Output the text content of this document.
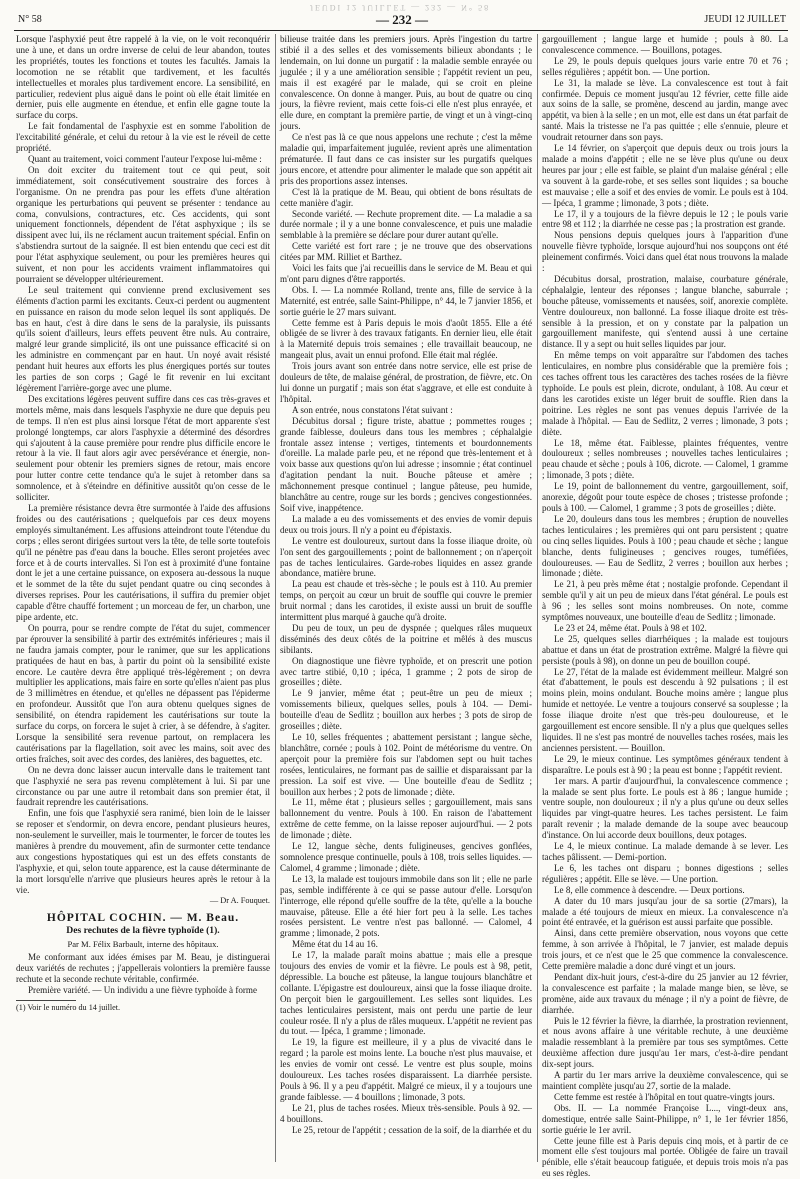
JEUDI 12 JUILLET — 232 — N° 58
N° 58	— 232 —	JEUDI 12 JUILLET

Lorsque l'asphyxié peut être rappelé à la vie, on le voit reconquérir une à une, et dans un ordre inverse de celui de leur abandon, toutes les propriétés, toutes les fonctions et toutes les facultés. Jamais la locomotion ne se rétablit que tardivement, et les facultés intellectuelles et morales plus tardivement encore. La sensibilité, en particulier, redevient plus aiguë dans le point où elle était limitée en dernier, puis elle augmente en étendue, et enfin elle gagne toute la surface du corps.

Le fait fondamental de l'asphyxie est en somme l'abolition de l'excitabilité générale, et celui du retour à la vie est le réveil de cette propriété.

Quant au traitement, voici comment l'auteur l'expose lui-même :

On doit exciter du traitement tout ce qui peut, soit immédiatement, soit consécutivement soustraire des forces à l'organisme. On ne prendra pas pour les effets d'une altération organique les perturbations qui peuvent se présenter : tendance au coma, convulsions, contractures, etc. Ces accidents, qui sont uniquement fonctionnels, dépendent de l'état asphyxique ; ils se dissipent avec lui, ils ne réclament aucun traitement spécial. Enfin on s'abstiendra surtout de la saignée. Il est bien entendu que ceci est dit pour l'état asphyxique seulement, ou pour les premières heures qui suivent, et non pour les accidents vraiment inflammatoires qui pourraient se développer ultérieurement.

Le seul traitement qui convienne prend exclusivement ses éléments d'action parmi les excitants. Ceux-ci perdent ou augmentent en puissance en raison du mode selon lequel ils sont appliqués. De bas en haut, c'est à dire dans le sens de la paralysie, ils puissants qu'ils soient d'ailleurs, leurs effets peuvent être nuls. Au contraire, malgré leur grande simplicité, ils ont une puissance efficacité si on les administre en commençant par en haut. Un noyé avait résisté pendant huit heures aux efforts les plus énergiques portés sur toutes les parties de son corps ; Gagé le fit revenir en lui excitant légèrement l'arrière-gorge avec une plume.

Des excitations légères peuvent suffire dans ces cas très-graves et mortels même, mais dans lesquels l'asphyxie ne dure que depuis peu de temps. Il n'en est plus ainsi lorsque l'état de mort apparente s'est prolongé longtemps, car alors l'asphyxie a déterminé des désordres qui s'ajoutent à la cause première pour rendre plus difficile encore le retour à la vie. Il faut alors agir avec persévérance et énergie, non-seulement pour obtenir les premiers signes de retour, mais encore pour lutter contre cette tendance qu'a le sujet à retomber dans sa somnolence, et à s'éteindre en définitive aussitôt qu'on cesse de le solliciter.

La première résistance devra être surmontée à l'aide des affusions froides ou des cautérisations ; quelquefois par ces deux moyens employés simultanément. Les affusions atteindront toute l'étendue du corps ; elles seront dirigées surtout vers la tête, de telle sorte toutefois qu'il ne pénètre pas d'eau dans la bouche. Elles seront projetées avec force et à de courts intervalles. Si l'on est à proximité d'une fontaine dont le jet a une certaine puissance, on exposera au-dessous la nuque et le sommet de la tête du sujet pendant quatre ou cinq secondes à diverses reprises. Pour les cautérisations, il suffira du premier objet capable d'être chauffé fortement ; un morceau de fer, un charbon, une pipe ardente, etc.

On pourra, pour se rendre compte de l'état du sujet, commencer par éprouver la sensibilité à partir des extrémités inférieures ; mais il ne faudra jamais compter, pour le ranimer, que sur les applications pratiquées de haut en bas, à partir du point où la sensibilité existe encore. Le cautère devra être appliqué très-légèrement ; on devra multiplier les applications, mais faire en sorte qu'elles n'aient pas plus de 3 millimètres en étendue, et qu'elles ne dépassent pas l'épiderme en profondeur. Aussitôt que l'on aura obtenu quelques signes de sensibilité, on étendra rapidement les cautérisations sur toute la surface du corps, on forcera le sujet à crier, à se défendre, à s'agiter. Lorsque la sensibilité sera revenue partout, on remplacera les cautérisations par la flagellation, soit avec les mains, soit avec des orties fraîches, soit avec des cordes, des lanières, des baguettes, etc.

On ne devra donc laisser aucun intervalle dans le traitement tant que l'asphyxié ne sera pas revenu complètement à lui. Si par une circonstance ou par une autre il retombait dans son premier état, il faudrait reprendre les cautérisations.

Enfin, une fois que l'asphyxié sera ranimé, bien loin de le laisser se reposer et s'endormir, on devra encore, pendant plusieurs heures, non-seulement le surveiller, mais le tourmenter, le forcer de toutes les manières à prendre du mouvement, afin de surmonter cette tendance aux congestions hypostatiques qui est un des effets constants de l'asphyxie, et qui, selon toute apparence, est la cause déterminante de la mort lorsqu'elle n'arrive que plusieurs heures après le retour à la vie.

— Dr A. Fouquet.
HÔPITAL COCHIN. — M. Beau.
Des rechutes de la fièvre typhoïde (1).
Par M. Félix Barbault, interne des hôpitaux.

Me conformant aux idées émises par M. Beau, je distinguerai deux variétés de rechutes ; j'appellerais volontiers la première fausse rechute et la seconde rechute véritable, confirmée.

Première variété. — Un individu a une fièvre typhoïde à forme

(1) Voir le numéro du 14 juillet.

bilieuse traitée dans les premiers jours. Après l'ingestion du tartre stibié il a des selles et des vomissements bilieux abondants ; le lendemain, on lui donne un purgatif : la maladie semble enrayée ou jugulée ; il y a une amélioration sensible ; l'appétit revient un peu, mais il est exagéré par le malade, qui se croit en pleine convalescence. On donne à manger. Puis, au bout de quatre ou cinq jours, la fièvre revient, mais cette fois-ci elle n'est plus enrayée, et elle dure, en comptant la première partie, de vingt et un à vingt-cinq jours.

Ce n'est pas là ce que nous appelons une rechute ; c'est la même maladie qui, imparfaitement jugulée, revient après une alimentation prématurée. Il faut dans ce cas insister sur les purgatifs quelques jours encore, et attendre pour alimenter le malade que son appétit ait pris des proportions assez intenses.

C'est là la pratique de M. Beau, qui obtient de bons résultats de cette manière d'agir.

Seconde variété. — Rechute proprement dite. — La maladie a sa durée normale ; il y a une bonne convalescence, et puis une maladie semblable à la première se déclare pour durer autant qu'elle.

Cette variété est fort rare ; je ne trouve que des observations citées par MM. Rilliet et Barthez.

Voici les faits que j'ai recueillis dans le service de M. Beau et qui m'ont paru dignes d'être rapportés.

Obs. I. — La nommée Rolland, trente ans, fille de service à la Maternité, est entrée, salle Saint-Philippe, n° 44, le 7 janvier 1856, et sortie guérie le 27 mars suivant.

Cette femme est à Paris depuis le mois d'août 1855. Elle a été obligée de se livrer à des travaux fatigants. En dernier lieu, elle était à la Maternité depuis trois semaines ; elle travaillait beaucoup, ne mangeait plus, avait un ennui profond. Elle était mal réglée.

Trois jours avant son entrée dans notre service, elle est prise de douleurs de tête, de malaise général, de prostration, de fièvre, etc. On lui donne un purgatif ; mais son état s'aggrave, et elle est conduite à l'hôpital.

A son entrée, nous constatons l'état suivant :

Décubitus dorsal ; figure triste, abattue ; pommettes rouges ; grande faiblesse, douleurs dans tous les membres ; céphalalgie frontale assez intense ; vertiges, tintements et bourdonnements d'oreille. La malade parle peu, et ne répond que très-lentement et à voix basse aux questions qu'on lui adresse ; insomnie ; état continuel d'agitation pendant la nuit. Bouche pâteuse et amère ; mâchonnement presque continuel ; langue pâteuse, peu humide, blanchâtre au centre, rouge sur les bords ; gencives congestionnées. Soif vive, inappétence.

La malade a eu des vomissements et des envies de vomir depuis deux ou trois jours. Il n'y a point eu d'épistaxis.

Le ventre est douloureux, surtout dans la fosse iliaque droite, où l'on sent des gargouillements ; point de ballonnement ; on n'aperçoit pas de taches lenticulaires. Garde-robes liquides en assez grande abondance, matière brune.

La peau est chaude et très-sèche ; le pouls est à 110. Au premier temps, on perçoit au cœur un bruit de souffle qui couvre le premier bruit normal ; dans les carotides, il existe aussi un bruit de souffle intermittent plus marqué à gauche qu'à droite.

Du peu de toux, un peu de dyspnée ; quelques râles muqueux disséminés des deux côtés de la poitrine et mêlés à des muscus sibilants.

On diagnostique une fièvre typhoïde, et on prescrit une potion avec tartre stibié, 0,10 ; ipéca, 1 gramme ; 2 pots de sirop de groseilles ; diète.

Le 9 janvier, même état ; peut-être un peu de mieux ; vomissements bilieux, quelques selles, pouls à 104. — Demi-bouteille d'eau de Sedlitz ; bouillon aux herbes ; 3 pots de sirop de groseilles ; diète.

Le 10, selles fréquentes ; abattement persistant ; langue sèche, blanchâtre, cornée ; pouls à 102. Point de météorisme du ventre. On aperçoit pour la première fois sur l'abdomen sept ou huit taches rosées, lenticulaires, ne formant pas de saillie et disparaissant par la pression. La soif est vive. — Une bouteille d'eau de Sedlitz ; bouillon aux herbes ; 2 pots de limonade ; diète.

Le 11, même état ; plusieurs selles ; gargouillement, mais sans ballonnement du ventre. Pouls à 100. En raison de l'abattement extrême de cette femme, on la laisse reposer aujourd'hui. — 2 pots de limonade ; diète.

Le 12, langue sèche, dents fuligineuses, gencives gonflées, somnolence presque continuelle, pouls à 108, trois selles liquides. — Calomel, 4 gramme ; limonade ; diète.

Le 13, la malade est toujours immobile dans son lit ; elle ne parle pas, semble indifférente à ce qui se passe autour d'elle. Lorsqu'on l'interroge, elle répond qu'elle souffre de la tête, qu'elle a la bouche mauvaise, pâteuse. Elle a été hier fort peu à la selle. Les taches rosées persistent. Le ventre n'est pas ballonné. — Calomel, 4 gramme ; limonade, 2 pots.

Même état du 14 au 16.

Le 17, la malade paraît moins abattue ; mais elle a presque toujours des envies de vomir et la fièvre. Le pouls est à 98, petit, dépressible. La bouche est pâteuse, la langue toujours blanchâtre et collante. L'épigastre est douloureux, ainsi que la fosse iliaque droite. On perçoit bien le gargouillement. Les selles sont liquides. Les taches lenticulaires persistent, mais ont perdu une partie de leur couleur rosée. Il n'y a plus de râles muqueux. L'appétit ne revient pas du tout. — Ipéca, 1 gramme ; limonade.

Le 19, la figure est meilleure, il y a plus de vivacité dans le regard ; la parole est moins lente. La bouche n'est plus mauvaise, et les envies de vomir ont cessé. Le ventre est plus souple, moins douloureux. Les taches rosées disparaissent. La diarrhée persiste. Pouls à 96. Il y a peu d'appétit. Malgré ce mieux, il y a toujours une grande faiblesse. — 4 bouillons ; limonade, 3 pots.

Le 21, plus de taches rosées. Mieux très-sensible. Pouls à 92. — 4 bouillons.

Le 25, retour de l'appétit ; cessation de la soif, de la diarrhée et du

gargouillement ; langue large et humide ; pouls à 80. La convalescence commence. — Bouillons, potages.

Le 29, le pouls depuis quelques jours varie entre 70 et 76 ; selles régulières ; appétit bon. — Une portion.

Le 31, la malade se lève. La convalescence est tout à fait confirmée. Depuis ce moment jusqu'au 12 février, cette fille aide aux soins de la salle, se promène, descend au jardin, mange avec appétit, va bien à la selle ; en un mot, elle est dans un état parfait de santé. Mais la tristesse ne l'a pas quittée ; elle s'ennuie, pleure et voudrait retourner dans son pays.

Le 14 février, on s'aperçoit que depuis deux ou trois jours la malade a moins d'appétit ; elle ne se lève plus qu'une ou deux heures par jour ; elle est faible, se plaint d'un malaise général ; elle va souvent à la garde-robe, et ses selles sont liquides ; sa bouche est mauvaise ; elle a soif et des envies de vomir. Le pouls est à 104. — Ipéca, 1 gramme ; limonade, 3 pots ; diète.

Le 17, il y a toujours de la fièvre depuis le 12 ; le pouls varie entre 98 et 112 ; la diarrhée ne cesse pas ; la prostration est grande.

Nous pensions depuis quelques jours à l'apparition d'une nouvelle fièvre typhoïde, lorsque aujourd'hui nos soupçons ont été pleinement confirmés. Voici dans quel état nous trouvons la malade :

Décubitus dorsal, prostration, malaise, courbature générale, céphalalgie, lenteur des réponses ; langue blanche, saburrale ; bouche pâteuse, vomissements et nausées, soif, anorexie complète. Ventre douloureux, non ballonné. La fosse iliaque droite est très-sensible à la pression, et on y constate par la palpation un gargouillement manifeste, qui s'entend aussi à une certaine distance. Il y a sept ou huit selles liquides par jour.

En même temps on voit apparaître sur l'abdomen des taches lenticulaires, en nombre plus considérable que la première fois ; ces taches offrent tous les caractères des taches rosées de la fièvre typhoïde. Le pouls est plein, dicrote, ondulant, à 108. Au cœur et dans les carotides existe un léger bruit de souffle. Rien dans la poitrine. Les règles ne sont pas venues depuis l'arrivée de la malade à l'hôpital. — Eau de Sedlitz, 2 verres ; limonade, 3 pots ; diète.

Le 18, même état. Faiblesse, plaintes fréquentes, ventre douloureux ; selles nombreuses ; nouvelles taches lenticulaires ; peau chaude et sèche ; pouls à 106, dicrote. — Calomel, 1 gramme ; limonade, 3 pots ; diète.

Le 19, point de ballonnement du ventre, gargouillement, soif, anorexie, dégoût pour toute espèce de choses ; tristesse profonde ; pouls à 100. — Calomel, 1 gramme ; 3 pots de groseilles ; diète.

Le 20, douleurs dans tous les membres ; éruption de nouvelles taches lenticulaires ; les premières qui ont paru persistent ; quatre ou cinq selles liquides. Pouls à 100 ; peau chaude et sèche ; langue blanche, dents fuligineuses ; gencives rouges, tuméfiées, douloureuses. — Eau de Sedlitz, 2 verres ; bouillon aux herbes ; limonade ; diète.

Le 21, à peu près même état ; nostalgie profonde. Cependant il semble qu'il y ait un peu de mieux dans l'état général. Le pouls est à 96 ; les selles sont moins nombreuses. On note, comme symptômes nouveaux, une bouteille d'eau de Sedlitz ; limonade.

Le 23 et 24, même état. Pouls à 98 et 102.

Le 25, quelques selles diarrhéiques ; la malade est toujours abattue et dans un état de prostration extrême. Malgré la fièvre qui persiste (pouls à 98), on donne un peu de bouillon coupé.

Le 27, l'état de la malade est évidemment meilleur. Malgré son état d'abattement, le pouls est descendu à 92 pulsations ; il est moins plein, moins ondulant. Bouche moins amère ; langue plus humide et nettoyée. Le ventre a toujours conservé sa souplesse ; la fosse iliaque droite n'est que très-peu douloureuse, et le gargouillement est encore sensible. Il n'y a plus que quelques selles liquides. Il ne s'est pas montré de nouvelles taches rosées, mais les anciennes persistent. — Bouillon.

Le 29, le mieux continue. Les symptômes généraux tendent à disparaître. Le pouls est à 90 ; la peau est bonne ; l'appétit revient.

1er mars. A partir d'aujourd'hui, la convalescence commence ; la malade se sent plus forte. Le pouls est à 86 ; langue humide ; ventre souple, non douloureux ; il n'y a plus qu'une ou deux selles liquides par vingt-quatre heures. Les taches persistent. Le faim paraît revenir ; la malade demande de la soupe avec beaucoup d'instance. On lui accorde deux bouillons, deux potages.

Le 4, le mieux continue. La malade demande à se lever. Les taches pâlissent. — Demi-portion.

Le 6, les taches ont disparu ; bonnes digestions ; selles régulières ; appétit. Elle se lève. — Une portion.

Le 8, elle commence à descendre. — Deux portions.

A dater du 10 mars jusqu'au jour de sa sortie (27mars), la malade a été toujours de mieux en mieux. La convalescence n'a point été entravée, et la guérison est aussi parfaite que possible.

Ainsi, dans cette première observation, nous voyons que cette femme, à son arrivée à l'hôpital, le 7 janvier, est malade depuis trois jours, et ce n'est que le 25 que commence la convalescence. Cette première maladie a donc duré vingt et un jours.

Pendant dix-huit jours, c'est-à-dire du 25 janvier au 12 février, la convalescence est parfaite ; la malade mange bien, se lève, se promène, aide aux travaux du ménage ; il n'y a point de fièvre, de diarrhée.

Puis le 12 février la fièvre, la diarrhée, la prostration reviennent, et nous avons affaire à une véritable rechute, à une deuxième maladie ressemblant à la première par tous ses symptômes. Cette deuxième affection dure jusqu'au 1er mars, c'est-à-dire pendant dix-sept jours.

A partir du 1er mars arrive la deuxième convalescence, qui se maintient complète jusqu'au 27, sortie de la malade.

Cette femme est restée à l'hôpital en tout quatre-vingts jours.

Obs. II. — La nommée Françoise L..., vingt-deux ans, domestique, entrée salle Saint-Philippe, n° 1, le 1er février 1856, sortie guérie le 1er avril.

Cette jeune fille est à Paris depuis cinq mois, et à partir de ce moment elle s'est toujours mal portée. Obligée de faire un travail pénible, elle s'était beaucoup fatiguée, et depuis trois mois n'a pas eu ses règles.
